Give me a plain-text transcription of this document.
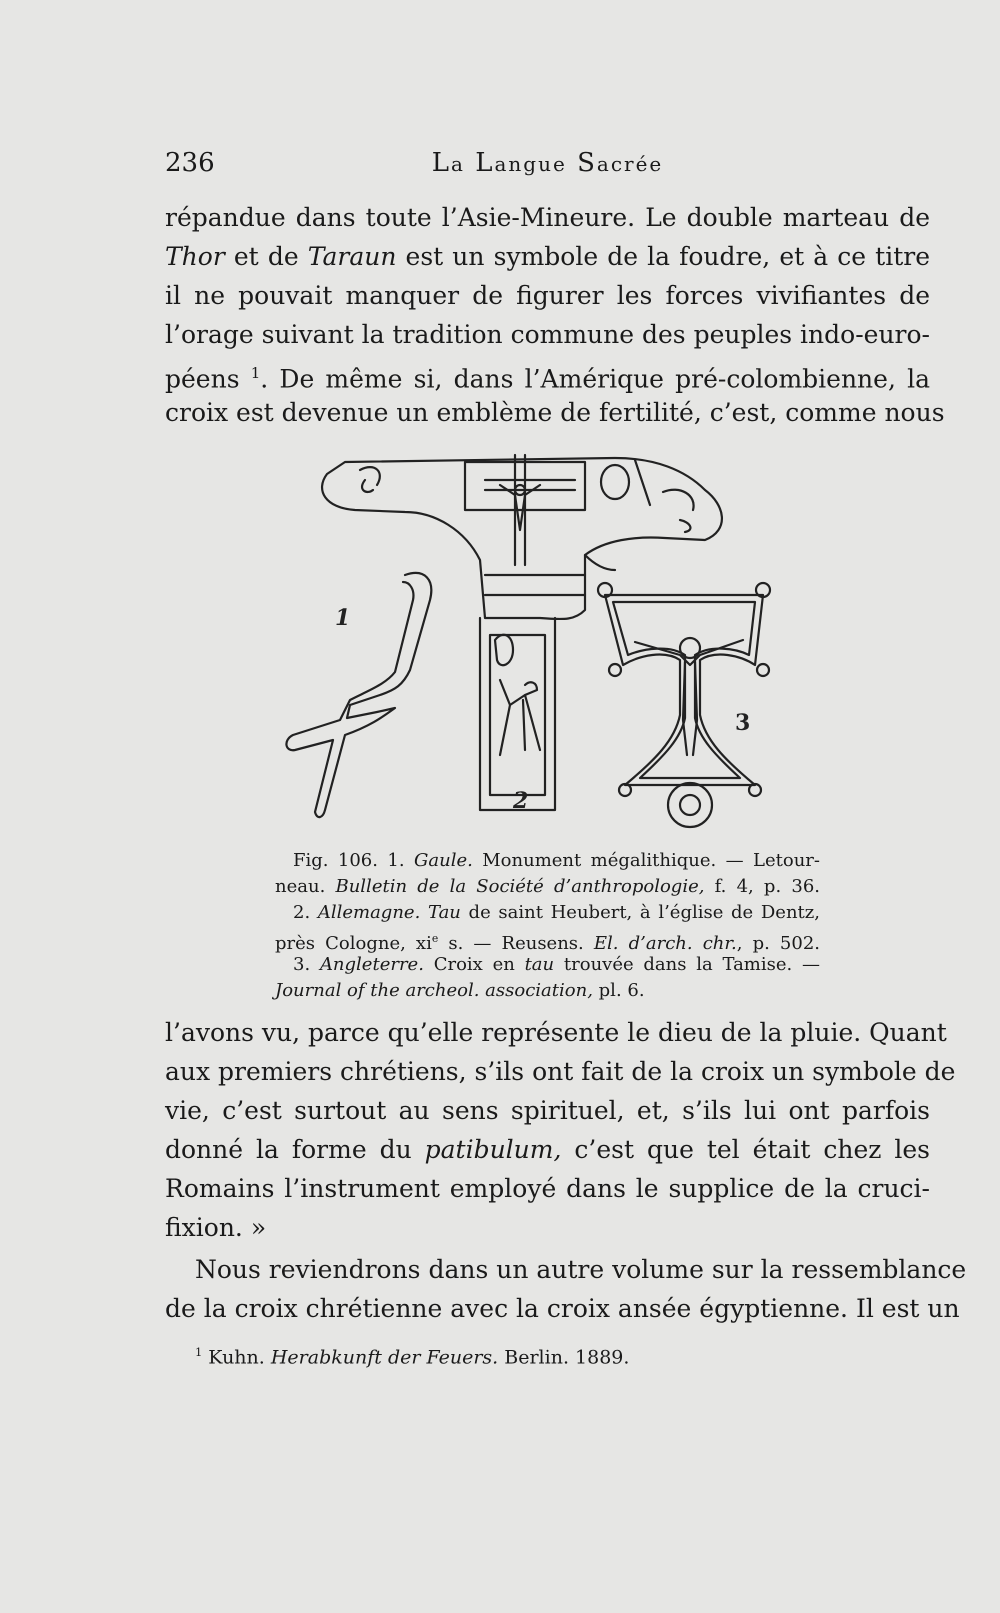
236	La Langue Sacrée
répandue dans toute l’Asie-Mineure. Le double marteau de
Thor et de Taraun est un symbole de la foudre, et à ce titre
il ne pouvait manquer de figurer les forces vivifiantes de
l’orage suivant la tradition commune des peuples indo-euro-
péens $^1$. De même si, dans l’Amérique pré-colombienne, la
croix est devenue un emblème de fertilité, c’est, comme nous
1
2
3
Fig. 106. 1. Gaule. Monument mégalithique. — Letour-
neau. Bulletin de la Société d’anthropologie, f. 4, p. 36.
2. Allemagne. Tau de saint Heubert, à l’église de Dentz,
près Cologne, $xi^e$ s. — Reusens. El. d’arch. chr., p. 502.
3. Angleterre. Croix en tau trouvée dans la Tamise. —
Journal of the archeol. association, pl. 6.
l’avons vu, parce qu’elle représente le dieu de la pluie. Quant
aux premiers chrétiens, s’ils ont fait de la croix un symbole de
vie, c’est surtout au sens spirituel, et, s’ils lui ont parfois
donné la forme du patibulum, c’est que tel était chez les
Romains l’instrument employé dans le supplice de la cruci-
fixion. »
Nous reviendrons dans un autre volume sur la ressemblance
de la croix chrétienne avec la croix ansée égyptienne. Il est un
$^1$ Kuhn. Herabkunft der Feuers. Berlin. 1889.
